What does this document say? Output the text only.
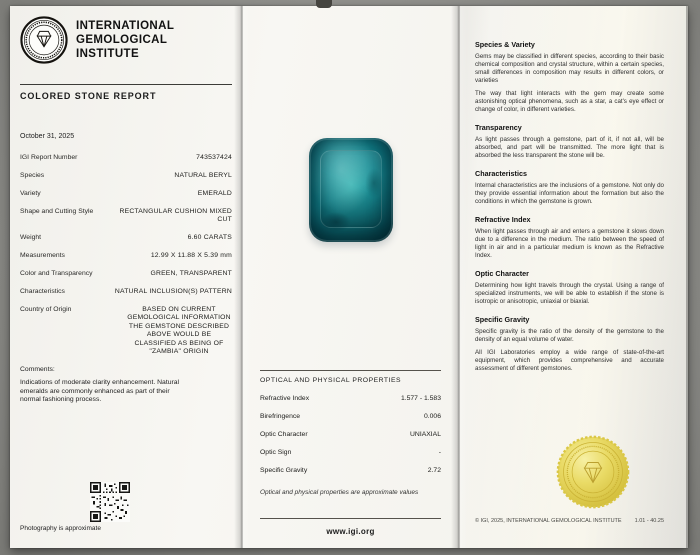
INTERNATIONAL
GEMOLOGICAL
INSTITUTE
COLORED STONE REPORT
October 31, 2025
IGI Report Number	743537424
Species	NATURAL BERYL
Variety	EMERALD
Shape and Cutting Style	RECTANGULAR CUSHION MIXED CUT
Weight	6.60 CARATS
Measurements	12.99 X 11.88 X 5.39 mm
Color and Transparency	GREEN, TRANSPARENT
Characteristics	NATURAL INCLUSION(S) PATTERN
Country of Origin	BASED ON CURRENT GEMOLOGICAL INFORMATION THE GEMSTONE DESCRIBED ABOVE WOULD BE CLASSIFIED AS BEING OF "ZAMBIA" ORIGIN
Comments:
Indications of moderate clarity enhancement. Natural emeralds are commonly enhanced as part of their normal fashioning process.
Photography is approximate
OPTICAL AND PHYSICAL PROPERTIES
Refractive Index	1.577 - 1.583
Birefringence	0.006
Optic Character	UNIAXIAL
Optic Sign	-
Specific Gravity	2.72
Optical and physical properties are approximate values
www.igi.org
Species & Variety

Gems may be classified in different species, according to their basic chemical composition and crystal structure, within a certain species, small differences in composition may results in different colors, or varieties

The way that light interacts with the gem may create some astonishing optical phenomena, such as a star, a cat's eye effect or change of color, in different varieties.

Transparency

As light passes through a gemstone, part of it, if not all, will be absorbed, and part will be transmitted. The more light that is absorbed the less transparent the stone will be.

Characteristics

Internal characteristics are the inclusions of a gemstone. Not only do they provide essential information about the formation but also the conditions in which the gemstone is grown.

Refractive Index

When light passes through air and enters a gemstone it slows down due to a difference in the medium. The ratio between the speed of light in air and in a particular medium is known as the Refractive Index.

Optic Character

Determining how light travels through the crystal. Using a range of specialized instruments, we will be able to establish if the stone is isotropic or anisotropic, uniaxial or biaxial.

Specific Gravity

Specific gravity is the ratio of the density of the gemstone to the density of an equal volume of water.

All IGI Laboratories employ a wide range of state-of-the-art equipment, which provides comprehensive and accurate assessment of different gemstones.

© IGI, 2025, INTERNATIONAL GEMOLOGICAL INSTITUTE 1.01 - 40.25
